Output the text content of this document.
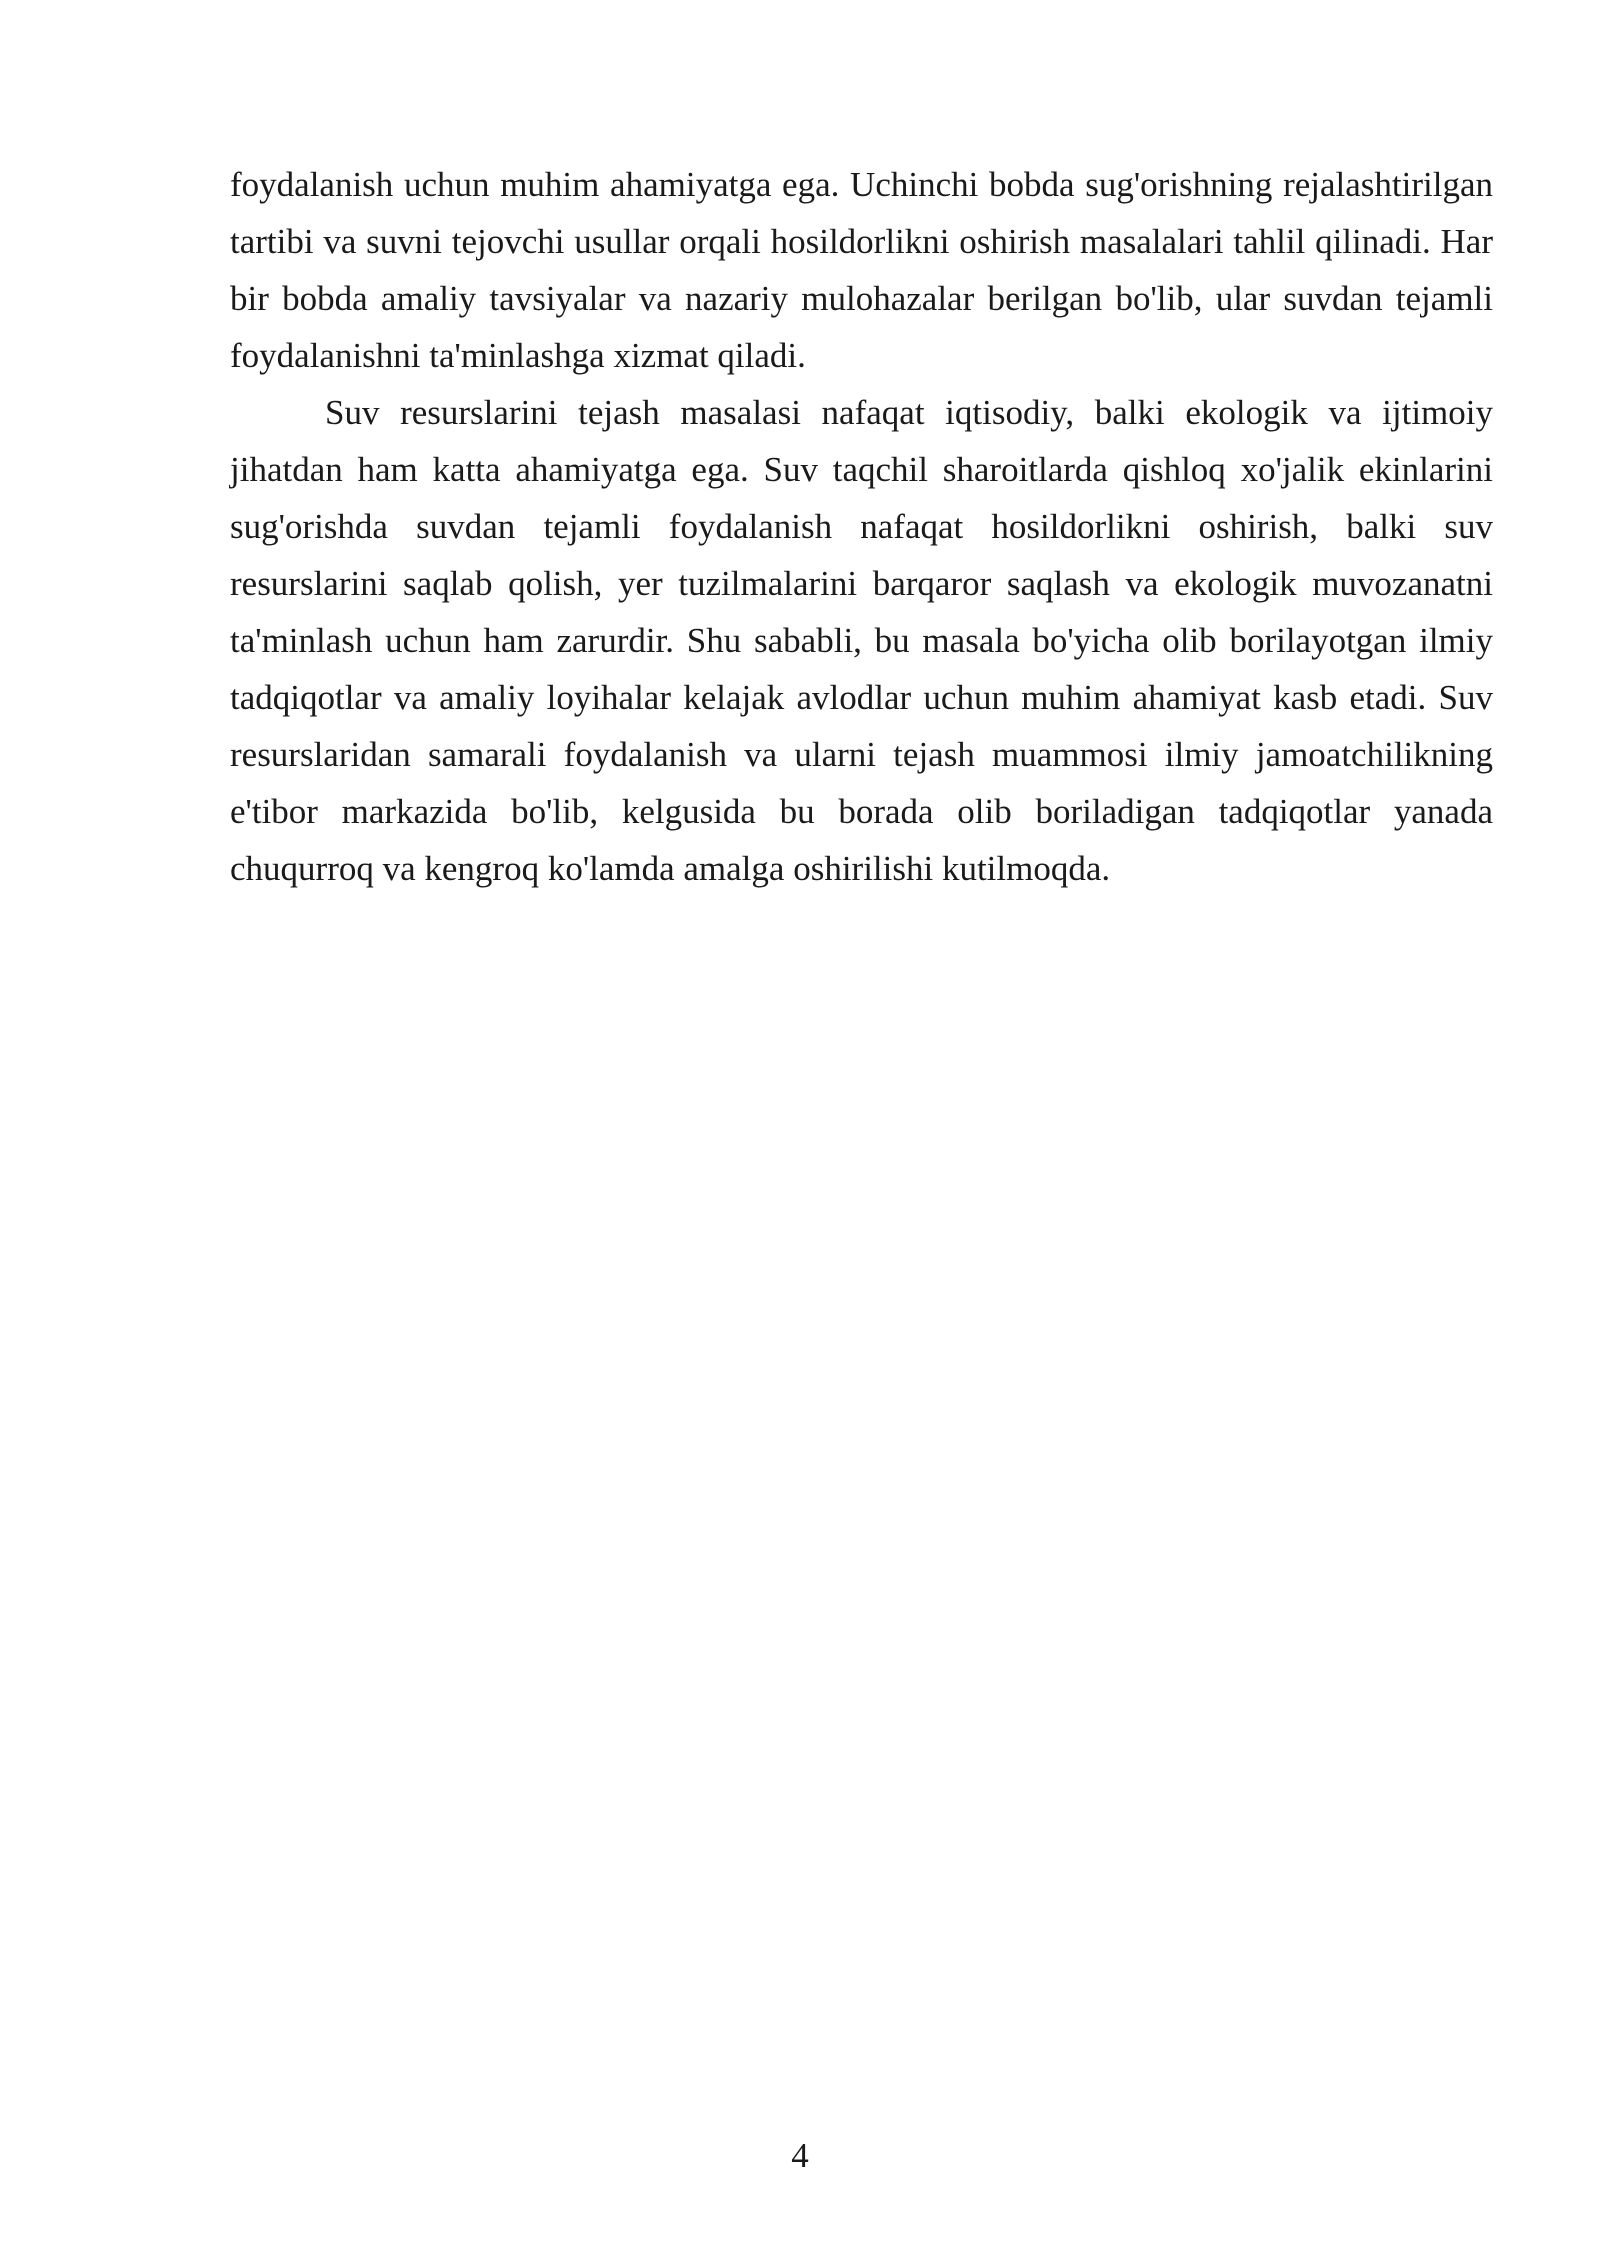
foydalanish uchun muhim ahamiyatga ega. Uchinchi bobda sug'orishning rejalashtirilgan tartibi va suvni tejovchi usullar orqali hosildorlikni oshirish masalalari tahlil qilinadi. Har bir bobda amaliy tavsiyalar va nazariy mulohazalar berilgan bo'lib, ular suvdan tejamli foydalanishni ta'minlashga xizmat qiladi.

Suv resurslarini tejash masalasi nafaqat iqtisodiy, balki ekologik va ijtimoiy jihatdan ham katta ahamiyatga ega. Suv taqchil sharoitlarda qishloq xo'jalik ekinlarini sug'orishda suvdan tejamli foydalanish nafaqat hosildorlikni oshirish, balki suv resurslarini saqlab qolish, yer tuzilmalarini barqaror saqlash va ekologik muvozanatni ta'minlash uchun ham zarurdir. Shu sababli, bu masala bo'yicha olib borilayotgan ilmiy tadqiqotlar va amaliy loyihalar kelajak avlodlar uchun muhim ahamiyat kasb etadi. Suv resurslaridan samarali foydalanish va ularni tejash muammosi ilmiy jamoatchilikning e'tibor markazida bo'lib, kelgusida bu borada olib boriladigan tadqiqotlar yanada chuqurroq va kengroq ko'lamda amalga oshirilishi kutilmoqda.

4
